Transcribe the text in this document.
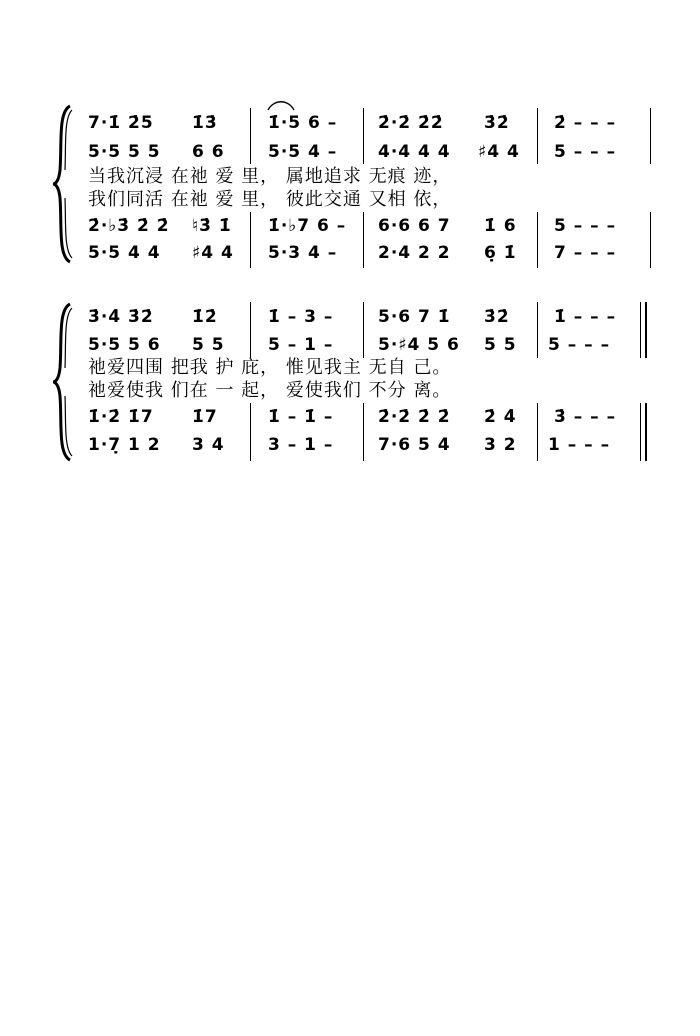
7·1̇ 2̇5 1̇3̇	1̇·5 6 – 2̇·2̇ 2̇2̇ 3̇2̇	2̇ – – –
5·5 5 5 6 6	5·5 4 – 4·4 4 4 ♯4 4 5 – – –
当我沉浸 在祂 爱 里， 属地追求 无痕 迹，
我们同活 在祂 爱 里， 彼此交通 又相 依，
2̇·♭3̇ 2̇ 2̇ ♮3̇ 1̇ 1̇·♭7 6 – 6·6 6 7 1̇ 6 5 – – –
5·5 4 4 ♯4 4 5·3 4 – 2·4 2 2 6̣ 1̇ 7 – – –
3̇·4̇ 3̇2̇ 1̇2̇	1̇ – 3 –	5·6 7 1̇ 3̇2̇	1̇ – – –
5·5 5 6 5 5	5 – 1 –	5·♯4 5 6 5 5 5 – – –
祂爱四围 把我 护 庇， 惟见我主 无自 己。
祂爱使我 们在 一 起， 爱使我们 不分 离。
1̇·2̇ 1̇7 1̇7	1̇ – 1̇ –	2̇·2̇ 2̇ 2̇ 2̇ 4̇ 3̇ – – –
1·7̣ 1 2 3 4	3 – 1 –	7·6 5 4 3 2 1 – – –
